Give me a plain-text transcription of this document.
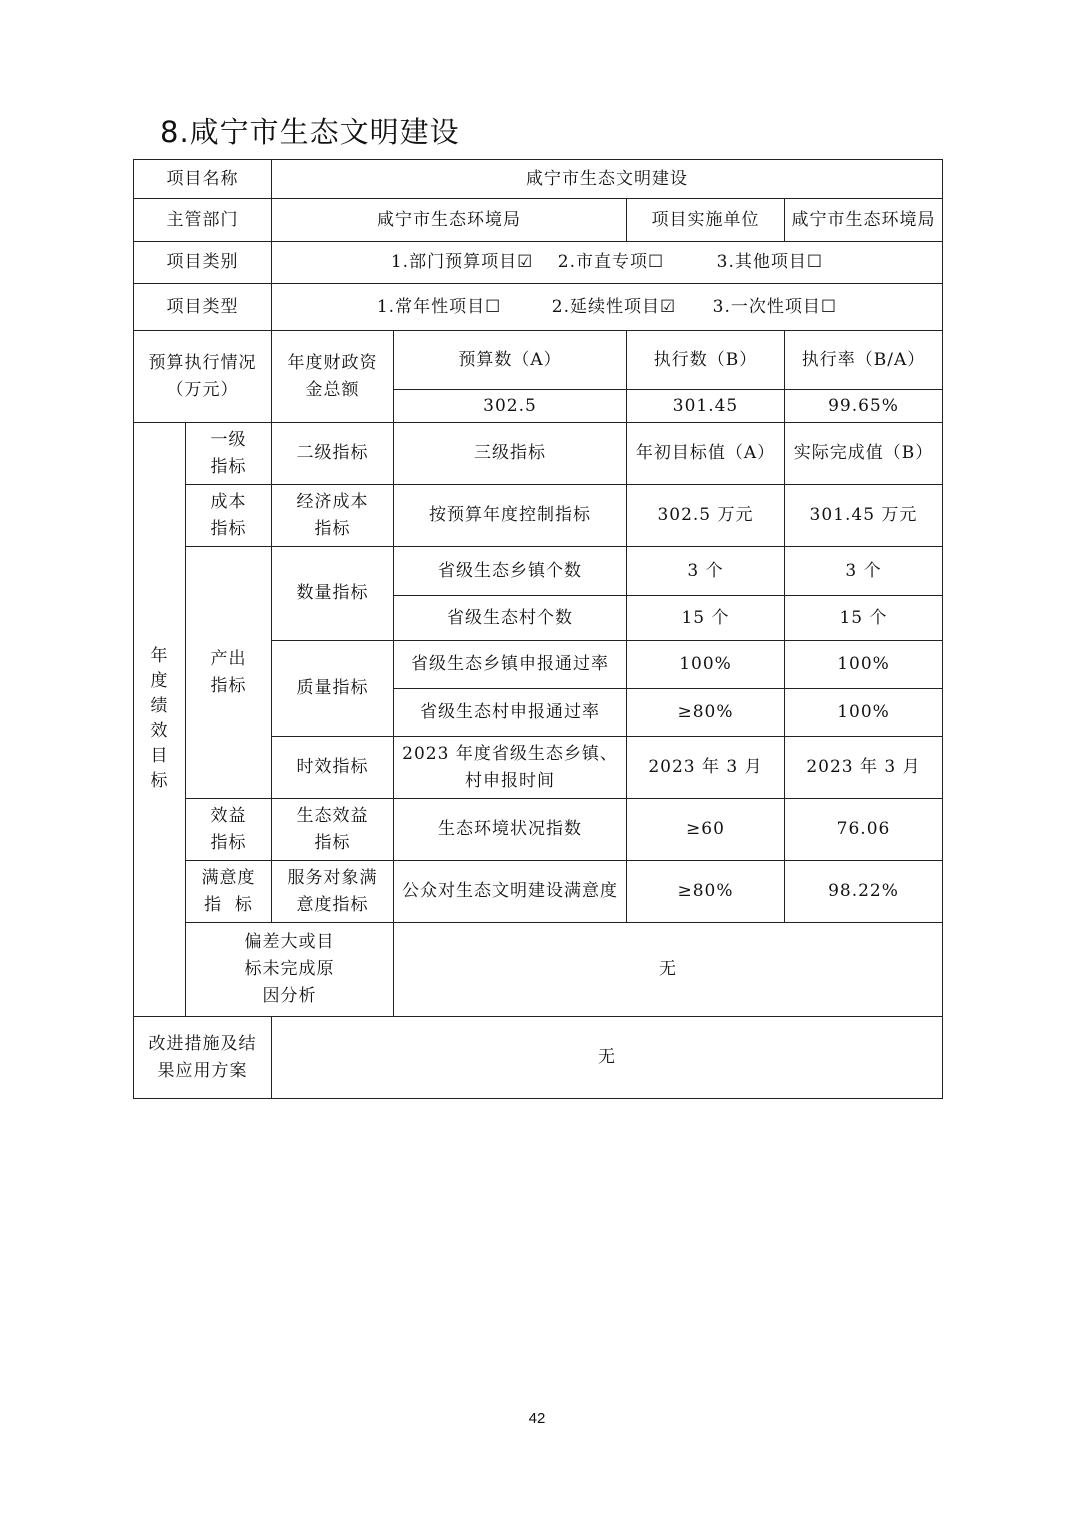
8.咸宁市生态文明建设
项目名称		咸宁市生态文明建设			
主管部门		咸宁市生态环境局		项目实施单位	咸宁市生态环境局
项目类别		1.部门预算项目☑ 2.市直专项☐ 3.其他项目☐			
项目类型		1.常年性项目☐ 2.延续性项目☑ 3.一次性项目☐			
预算执行情况（万元）		年度财政资金总额	预算数（A）	执行数（B）	执行率（B/A）
			302.5	301.45	99.65%
年度绩效目标	一级指标	二级指标	三级指标	年初目标值（A）	实际完成值（B）
	成本指标	经济成本指标	按预算年度控制指标	302.5 万元	301.45 万元
	产出指标	数量指标	省级生态乡镇个数	3 个	3 个
			省级生态村个数	15 个	15 个
		质量指标	省级生态乡镇申报通过率	100%	100%
			省级生态村申报通过率	≥80%	100%
		时效指标	2023 年度省级生态乡镇、村申报时间	2023 年 3 月	2023 年 3 月
	效益指标	生态效益指标	生态环境状况指数	≥60	76.06
	满意度指  标	服务对象满意度指标	公众对生态文明建设满意度	≥80%	98.22%
	偏差大或目标未完成原因分析		无		
改进措施及结果应用方案		无			
42
